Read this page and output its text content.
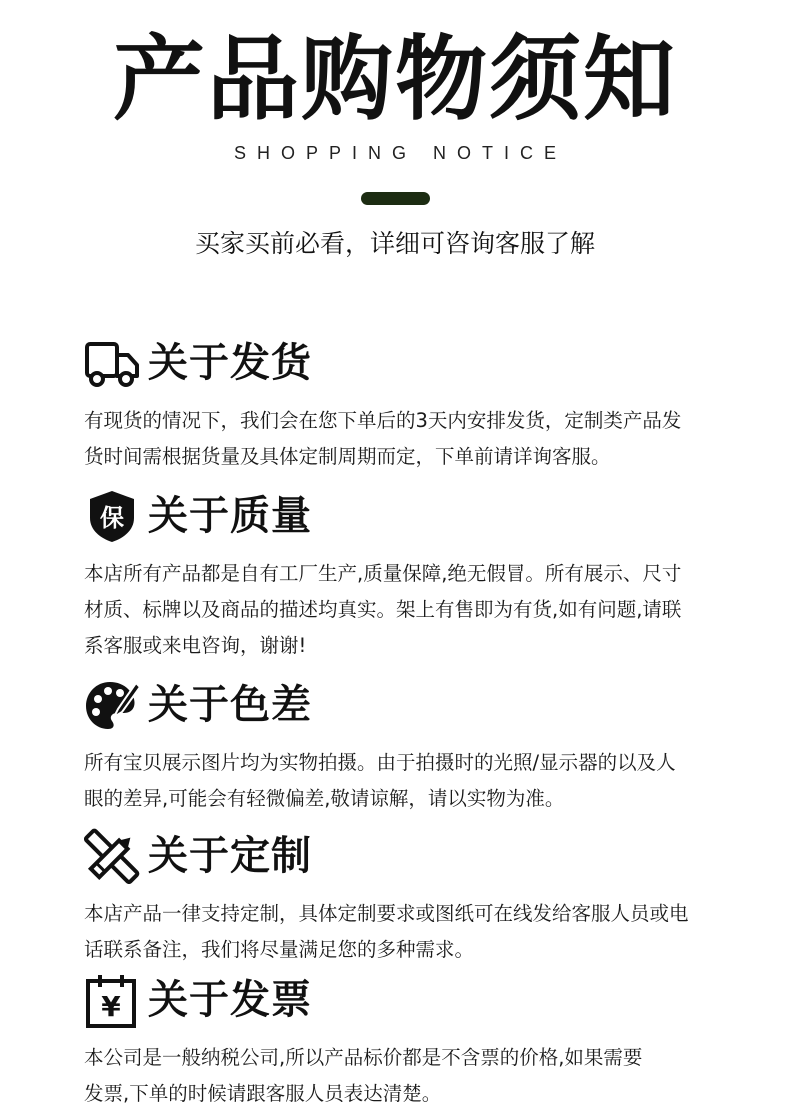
产品购物须知
SHOPPING NOTICE
买家买前必看，详细可咨询客服了解
关于发货

有现货的情况下，我们会在您下单后的3天内安排发货，定制类产品发

货时间需根据货量及具体定制周期而定，下单前请详询客服。

保 关于质量

本店所有产品都是自有工厂生产,质量保障,绝无假冒。所有展示、尺寸

材质、标牌以及商品的描述均真实。架上有售即为有货,如有问题,请联

系客服或来电咨询，谢谢!

关于色差

所有宝贝展示图片均为实物拍摄。由于拍摄时的光照/显示器的以及人

眼的差异,可能会有轻微偏差,敬请谅解，请以实物为准。

关于定制

本店产品一律支持定制，具体定制要求或图纸可在线发给客服人员或电

话联系备注，我们将尽量满足您的多种需求。

¥ 关于发票

本公司是一般纳税公司,所以产品标价都是不含票的价格,如果需要

发票,下单的时候请跟客服人员表达清楚。
